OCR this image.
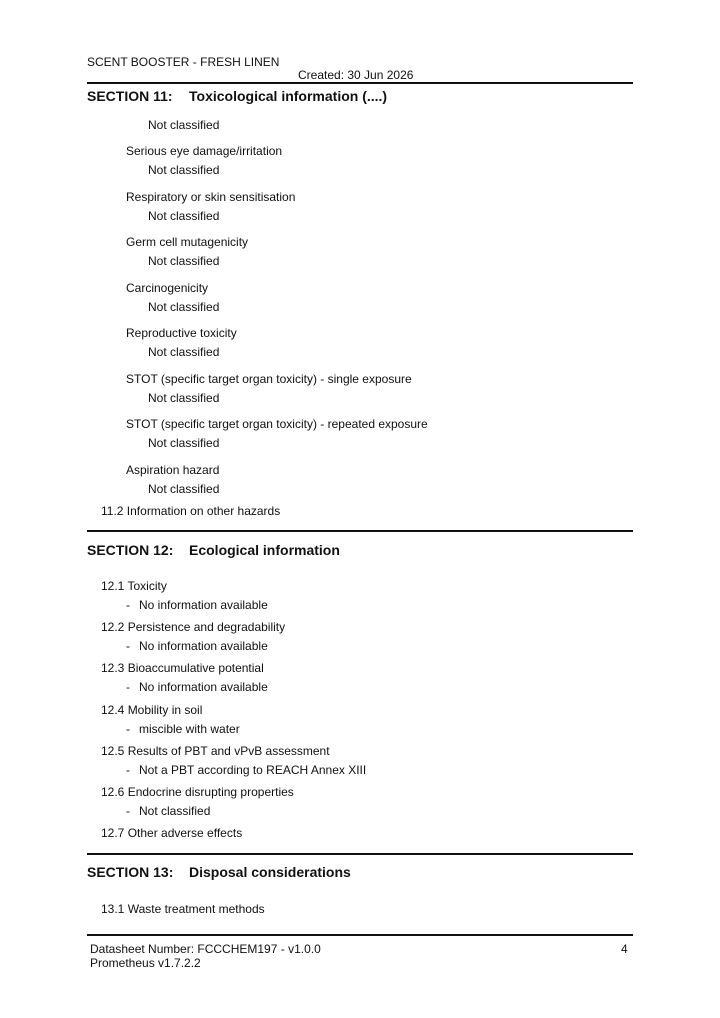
SCENT BOOSTER - FRESH LINEN
Created: 30 Jun 2026
SECTION 11: Toxicological information (....)
Not classified
Serious eye damage/irritation
Not classified
Respiratory or skin sensitisation
Not classified
Germ cell mutagenicity
Not classified
Carcinogenicity
Not classified
Reproductive toxicity
Not classified
STOT (specific target organ toxicity) - single exposure
Not classified
STOT (specific target organ toxicity) - repeated exposure
Not classified
Aspiration hazard
Not classified
11.2 Information on other hazards
SECTION 12: Ecological information
12.1 Toxicity
- No information available
12.2 Persistence and degradability
- No information available
12.3 Bioaccumulative potential
- No information available
12.4 Mobility in soil
- miscible with water
12.5 Results of PBT and vPvB assessment
- Not a PBT according to REACH Annex XIII
12.6 Endocrine disrupting properties
- Not classified
12.7 Other adverse effects
SECTION 13: Disposal considerations
13.1 Waste treatment methods
Datasheet Number: FCCCHEM197 - v1.0.0
Prometheus v1.7.2.2
4
